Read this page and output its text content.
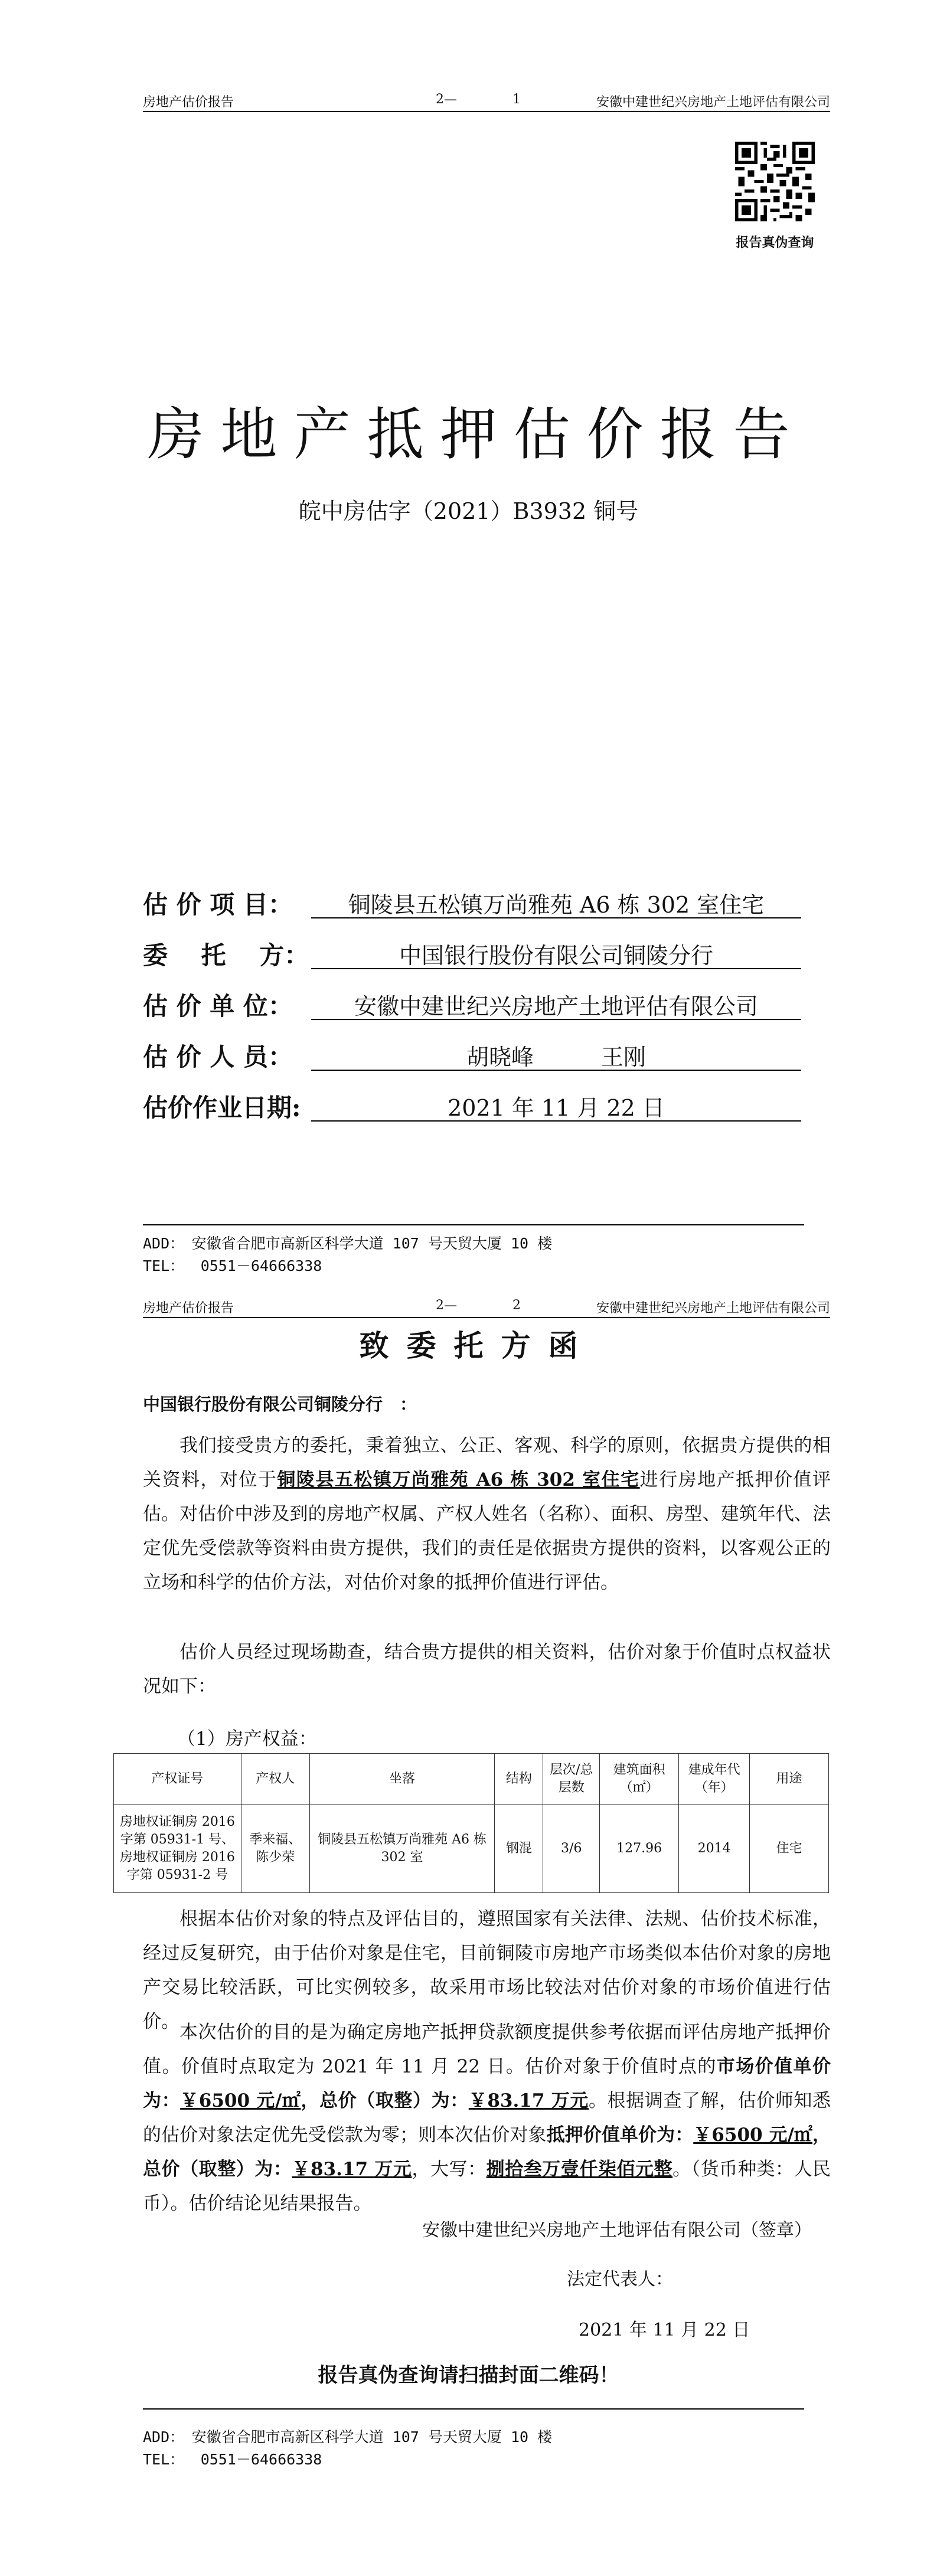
房地产估价报告	2—	1	安徽中建世纪兴房地产土地评估有限公司
报告真伪查询
房地产抵押估价报告
皖中房估字（2021）B3932 铜号
估 价 项 目：	铜陵县五松镇万尚雅苑 A6 栋 302 室住宅
委　 托　 方：	中国银行股份有限公司铜陵分行
估 价 单 位：	安徽中建世纪兴房地产土地评估有限公司
估 价 人 员：	胡晓峰　　　王刚
估价作业日期:	2021 年 11 月 22 日
ADD：　安徽省合肥市高新区科学大道 107 号天贸大厦 10 楼
TEL：　 0551－64666338
房地产估价报告	2—	2	安徽中建世纪兴房地产土地评估有限公司
致委托方函
中国银行股份有限公司铜陵分行　：
我们接受贵方的委托，秉着独立、公正、客观、科学的原则，依据贵方提供的相关资料，对位于铜陵县五松镇万尚雅苑 A6 栋 302 室住宅进行房地产抵押价值评估。对估价中涉及到的房地产权属、产权人姓名（名称）、面积、房型、建筑年代、法定优先受偿款等资料由贵方提供，我们的责任是依据贵方提供的资料，以客观公正的立场和科学的估价方法，对估价对象的抵押价值进行评估。
估价人员经过现场勘查，结合贵方提供的相关资料，估价对象于价值时点权益状况如下：
（1）房产权益：
产权证号	产权人	坐落	结构	层次/总层数	建筑面积（㎡）	建成年代（年）	用途
房地权证铜房 2016 字第 05931-1 号、房地权证铜房 2016 字第 05931-2 号	季来福、陈少荣	铜陵县五松镇万尚雅苑 A6 栋 302 室	钢混	3/6	127.96	2014	住宅
根据本估价对象的特点及评估目的，遵照国家有关法律、法规、估价技术标准，经过反复研究，由于估价对象是住宅，目前铜陵市房地产市场类似本估价对象的房地产交易比较活跃，可比实例较多，故采用市场比较法对估价对象的市场价值进行估价。 本次估价的目的是为确定房地产抵押贷款额度提供参考依据而评估房地产抵押价值。价值时点取定为 2021 年 11 月 22 日。估价对象于价值时点的市场价值单价为：￥6500 元/㎡，总价（取整）为：￥83.17 万元。根据调查了解，估价师知悉的估价对象法定优先受偿款为零；则本次估价对象抵押价值单价为：￥6500 元/㎡，总价（取整）为：￥83.17 万元，大写：捌拾叁万壹仟柒佰元整。（货币种类：人民币）。估价结论见结果报告。
安徽中建世纪兴房地产土地评估有限公司（签章）
法定代表人：
2021 年 11 月 22 日
报告真伪查询请扫描封面二维码！
ADD：　安徽省合肥市高新区科学大道 107 号天贸大厦 10 楼
TEL：　 0551－64666338
